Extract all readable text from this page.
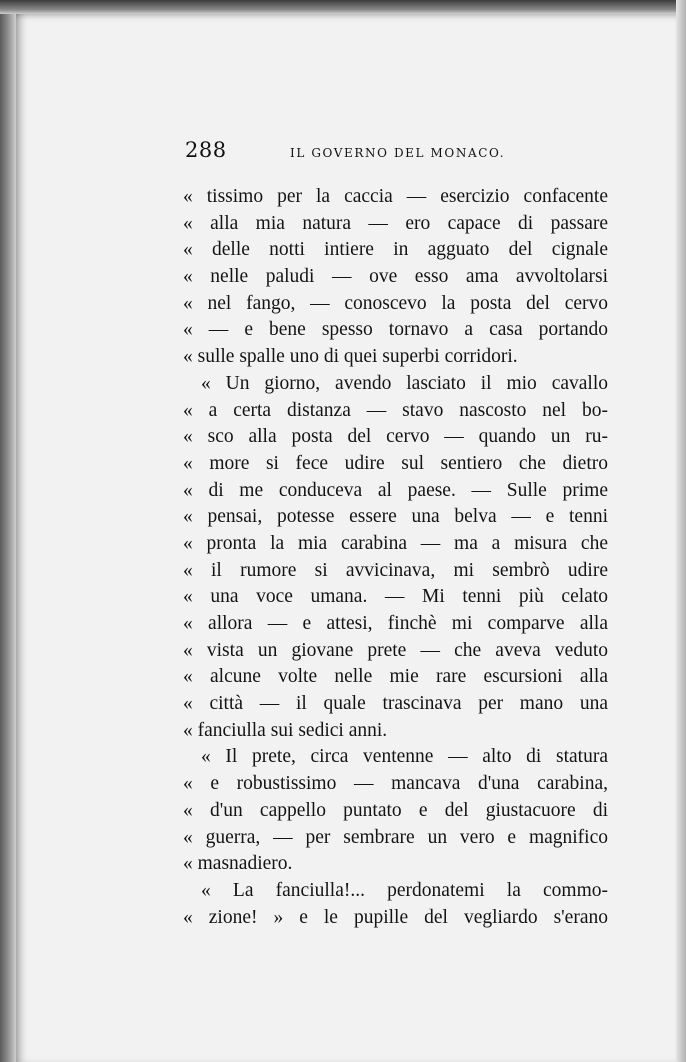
288	IL GOVERNO DEL MONACO.
« tissimo per la caccia — esercizio confacente
« alla mia natura — ero capace di passare
« delle notti intiere in agguato del cignale
« nelle paludi — ove esso ama avvoltolarsi
« nel fango, — conoscevo la posta del cervo
« — e bene spesso tornavo a casa portando
« sulle spalle uno di quei superbi corridori.
« Un giorno, avendo lasciato il mio cavallo
« a certa distanza — stavo nascosto nel bo-
« sco alla posta del cervo — quando un ru-
« more si fece udire sul sentiero che dietro
« di me conduceva al paese. — Sulle prime
« pensai, potesse essere una belva — e tenni
« pronta la mia carabina — ma a misura che
« il rumore si avvicinava, mi sembrò udire
« una voce umana. — Mi tenni più celato
« allora — e attesi, finchè mi comparve alla
« vista un giovane prete — che aveva veduto
« alcune volte nelle mie rare escursioni alla
« città — il quale trascinava per mano una
« fanciulla sui sedici anni.
« Il prete, circa ventenne — alto di statura
« e robustissimo — mancava d'una carabina,
« d'un cappello puntato e del giustacuore di
« guerra, — per sembrare un vero e magnifico
« masnadiero.
« La fanciulla!... perdonatemi la commo-
« zione! » e le pupille del vegliardo s'erano
